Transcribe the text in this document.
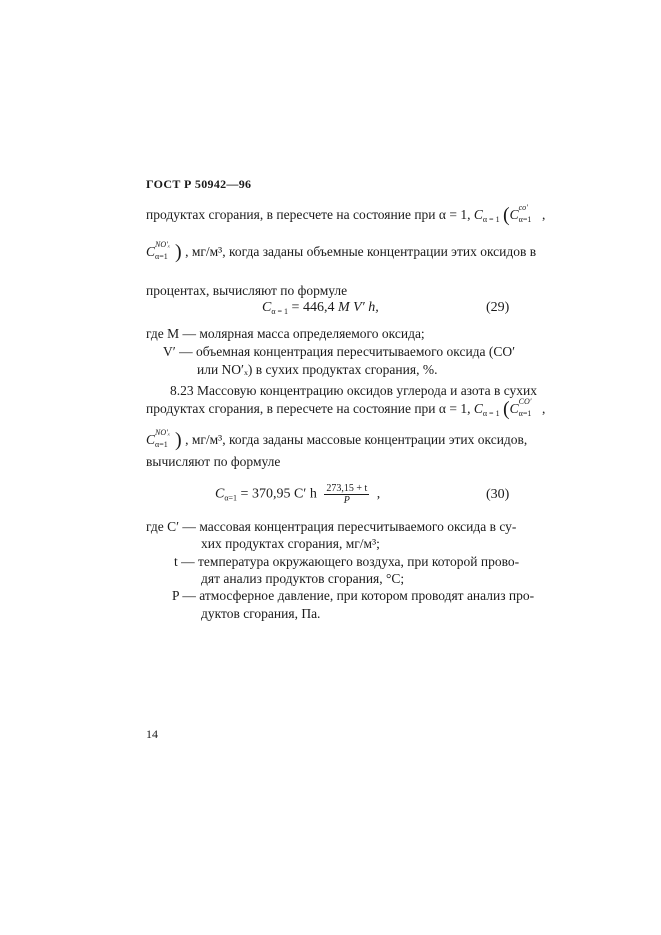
ГОСТ Р 50942—96
продуктах сгорания, в пересчете на состояние при α = 1, $C_{\alpha = 1}$ (C co′
α=1 ,
C NO′ₓ
α=1 ) , мг/м³, когда заданы объемные концентрации этих оксидов в
процентах, вычисляют по формуле
$C_{\alpha = 1} = 446,4$ M V′ h,	(29)
где M — молярная масса определяемого оксида;
V′ — объемная концентрация пересчитываемого оксида (CO′
или NO′ₓ) в сухих продуктах сгорания, %.
8.23 Массовую концентрацию оксидов углерода и азота в сухих
продуктах сгорания, в пересчете на состояние при α = 1, $C_{\alpha = 1}$ (C CO′
α=1 ,
C NO′ₓ
α=1 ) , мг/м³, когда заданы массовые концентрации этих оксидов,
вычисляют по формуле
$C_{\alpha=1} = 370,95$ C′ h $\frac{273,15 + t}{P}$ ,	(30)
где C′ — массовая концентрация пересчитываемого оксида в су-
хих продуктах сгорания, мг/м³;
t — температура окружающего воздуха, при которой прово-
дят анализ продуктов сгорания, °С;
P — атмосферное давление, при котором проводят анализ про-
дуктов сгорания, Па.
14
